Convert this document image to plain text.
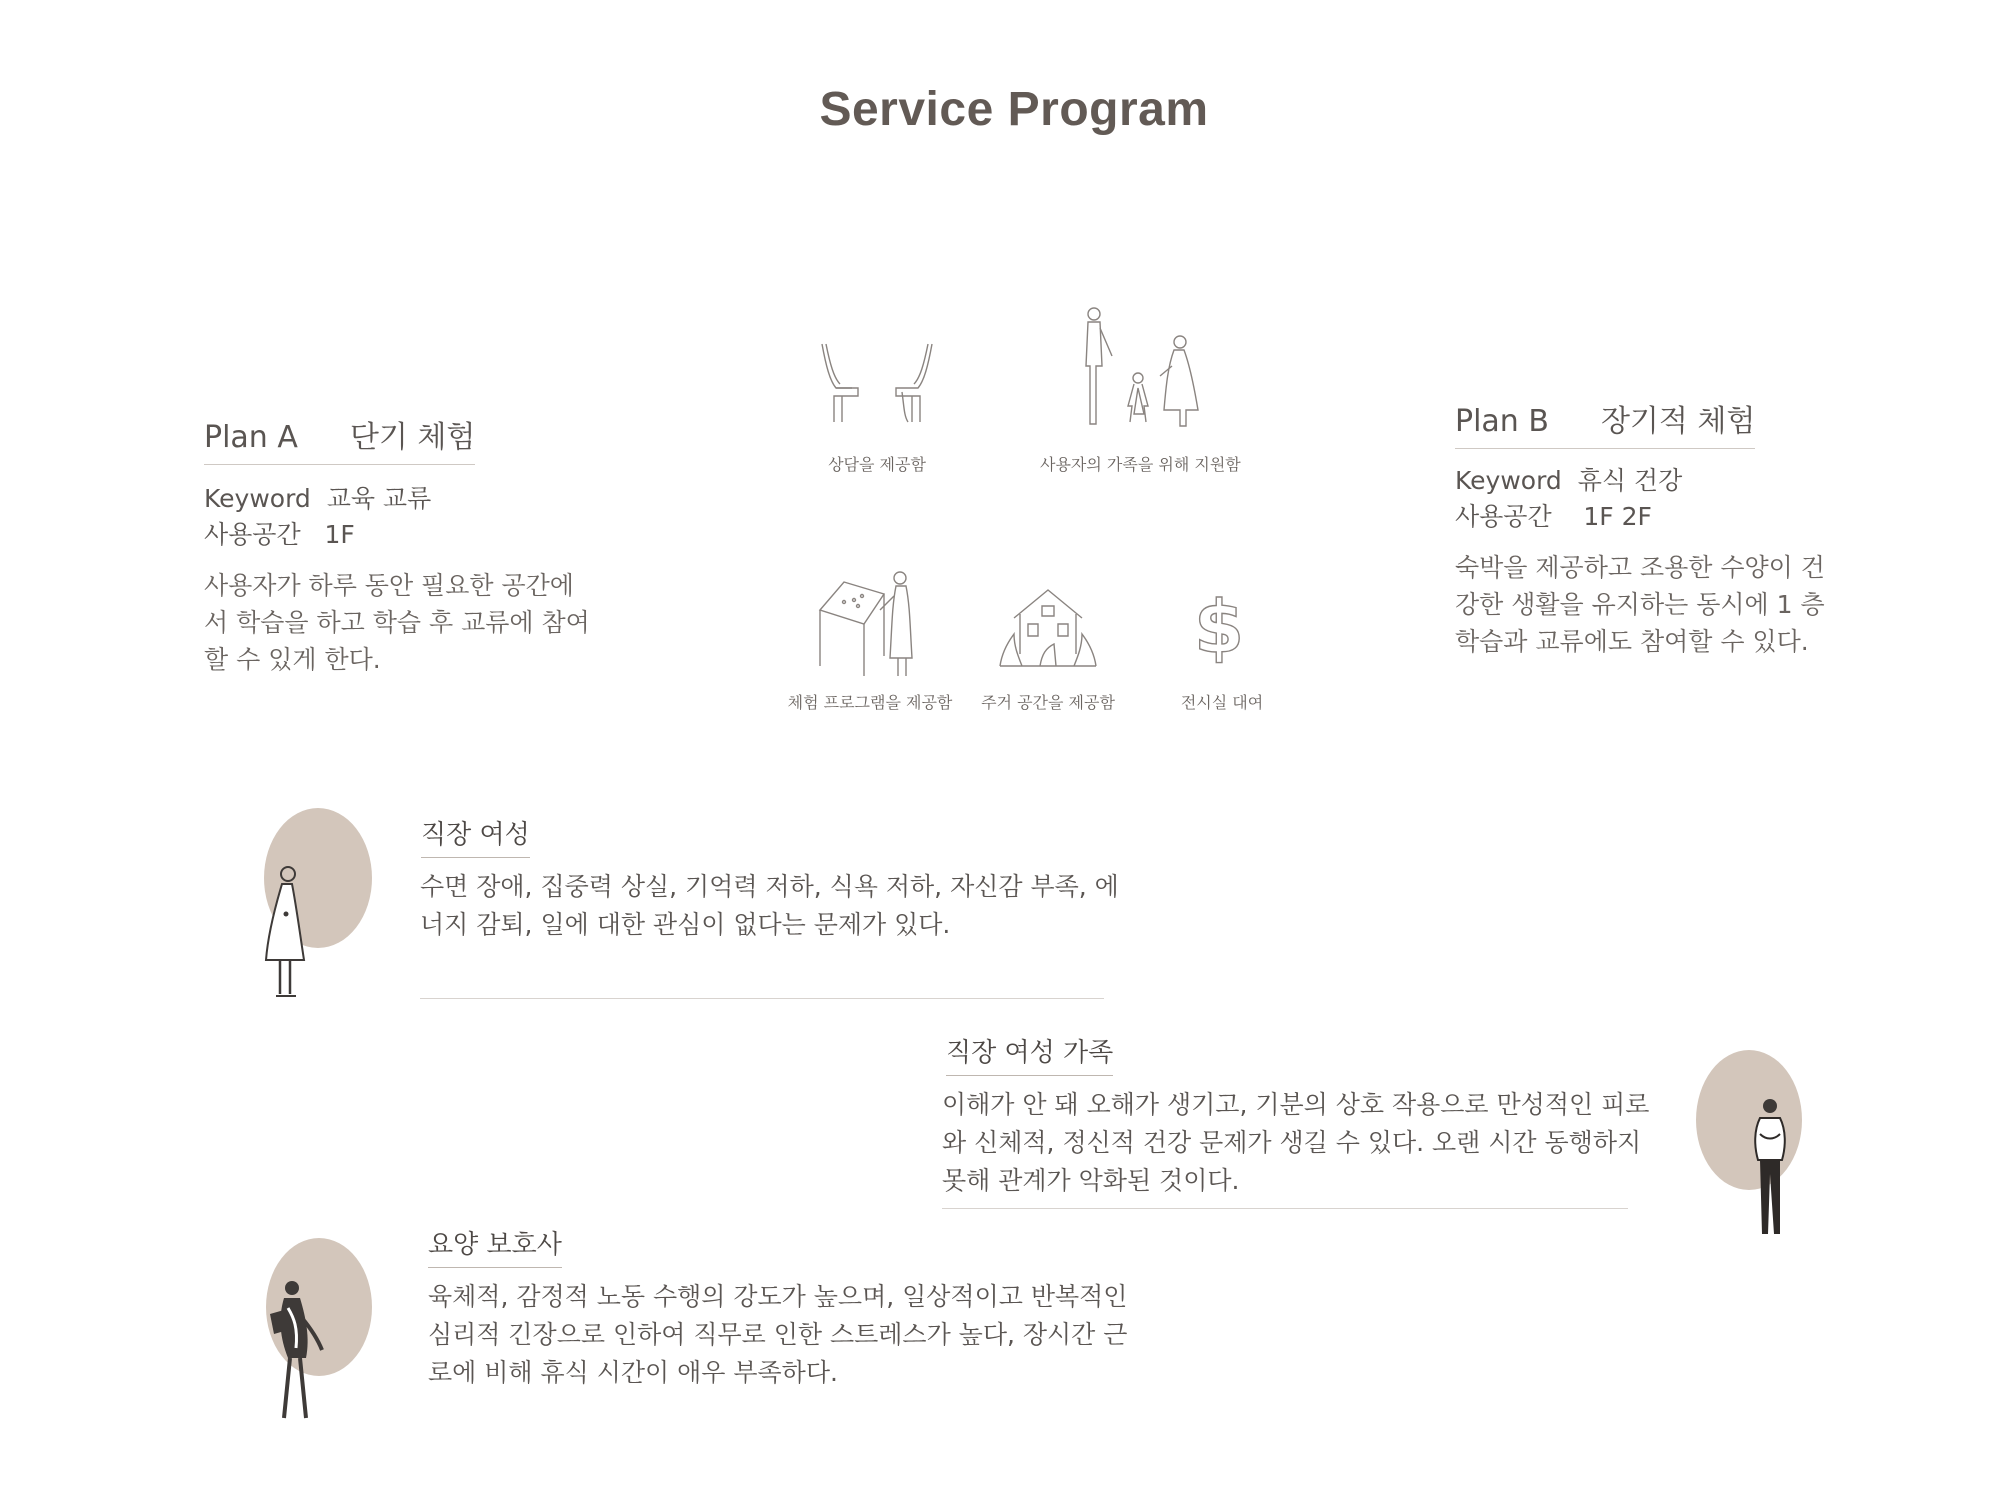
Service Program
Plan A 단기 체험
Keyword 교육 교류
사용공간 1F
사용자가 하루 동안 필요한 공간에서 학습을 하고 학습 후 교류에 참여할 수 있게 한다.
Plan B 장기적 체험
Keyword 휴식 건강
사용공간 1F 2F
숙박을 제공하고 조용한 수양이 건강한 생활을 유지하는 동시에 1 층 학습과 교류에도 참여할 수 있다.
상담을 제공함	사용자의 가족을 위해 지원함
체험 프로그램을 제공함	주거 공간을 제공함
$
전시실 대여
직장 여성
수면 장애, 집중력 상실, 기억력 저하, 식욕 저하, 자신감 부족, 에너지 감퇴, 일에 대한 관심이 없다는 문제가 있다.
직장 여성 가족
이해가 안 돼 오해가 생기고, 기분의 상호 작용으로 만성적인 피로와 신체적, 정신적 건강 문제가 생길 수 있다. 오랜 시간 동행하지 못해 관계가 악화된 것이다.
요양 보호사
육체적, 감정적 노동 수행의 강도가 높으며, 일상적이고 반복적인 심리적 긴장으로 인하여 직무로 인한 스트레스가 높다, 장시간 근로에 비해 휴식 시간이 애우 부족하다.
